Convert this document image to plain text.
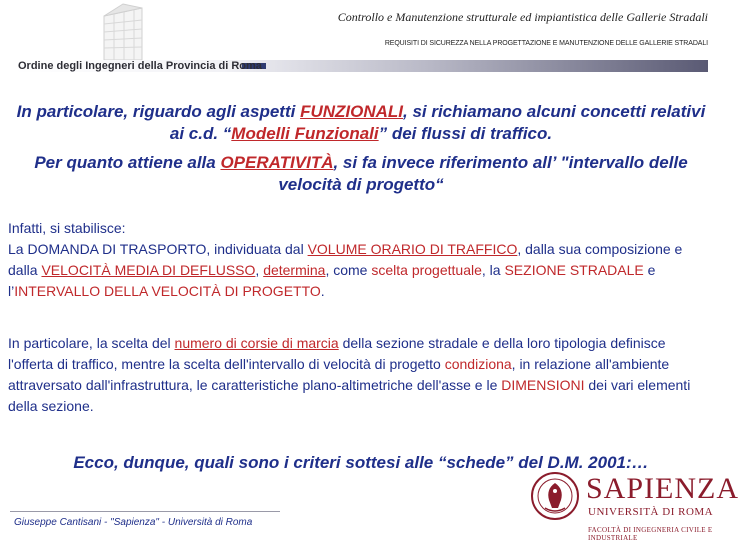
Controllo e Manutenzione strutturale ed impiantistica delle Gallerie Stradali
REQUISITI DI SICUREZZA NELLA PROGETTAZIONE E MANUTENZIONE DELLE GALLERIE STRADALI
Ordine degli Ingegneri della Provincia di Roma
In particolare, riguardo agli aspetti FUNZIONALI, si richiamano alcuni concetti relativi ai c.d. “Modelli Funzionali” dei flussi di traffico.
Per quanto attiene alla OPERATIVITÀ, si fa invece riferimento all’ "intervallo delle velocità di progetto“
Infatti, si stabilisce:
La DOMANDA DI TRASPORTO, individuata dal VOLUME ORARIO DI TRAFFICO, dalla sua composizione e dalla VELOCITÀ MEDIA DI DEFLUSSO, determina, come scelta progettuale, la SEZIONE STRADALE e l’INTERVALLO DELLA VELOCITÀ DI PROGETTO.
In particolare, la scelta del numero di corsie di marcia della sezione stradale e della loro tipologia definisce l'offerta di traffico, mentre la scelta dell'intervallo di velocità di progetto condiziona, in relazione all'ambiente attraversato dall'infrastruttura, le caratteristiche plano-altimetriche dell'asse e le DIMENSIONI dei vari elementi della sezione.
Ecco, dunque, quali sono i criteri sottesi alle “schede” del D.M. 2001:…
Giuseppe Cantisani - "Sapienza" - Università di Roma
SAPIENZA
UNIVERSITÀ DI ROMA
FACOLTÀ DI INGEGNERIA CIVILE E INDUSTRIALE
